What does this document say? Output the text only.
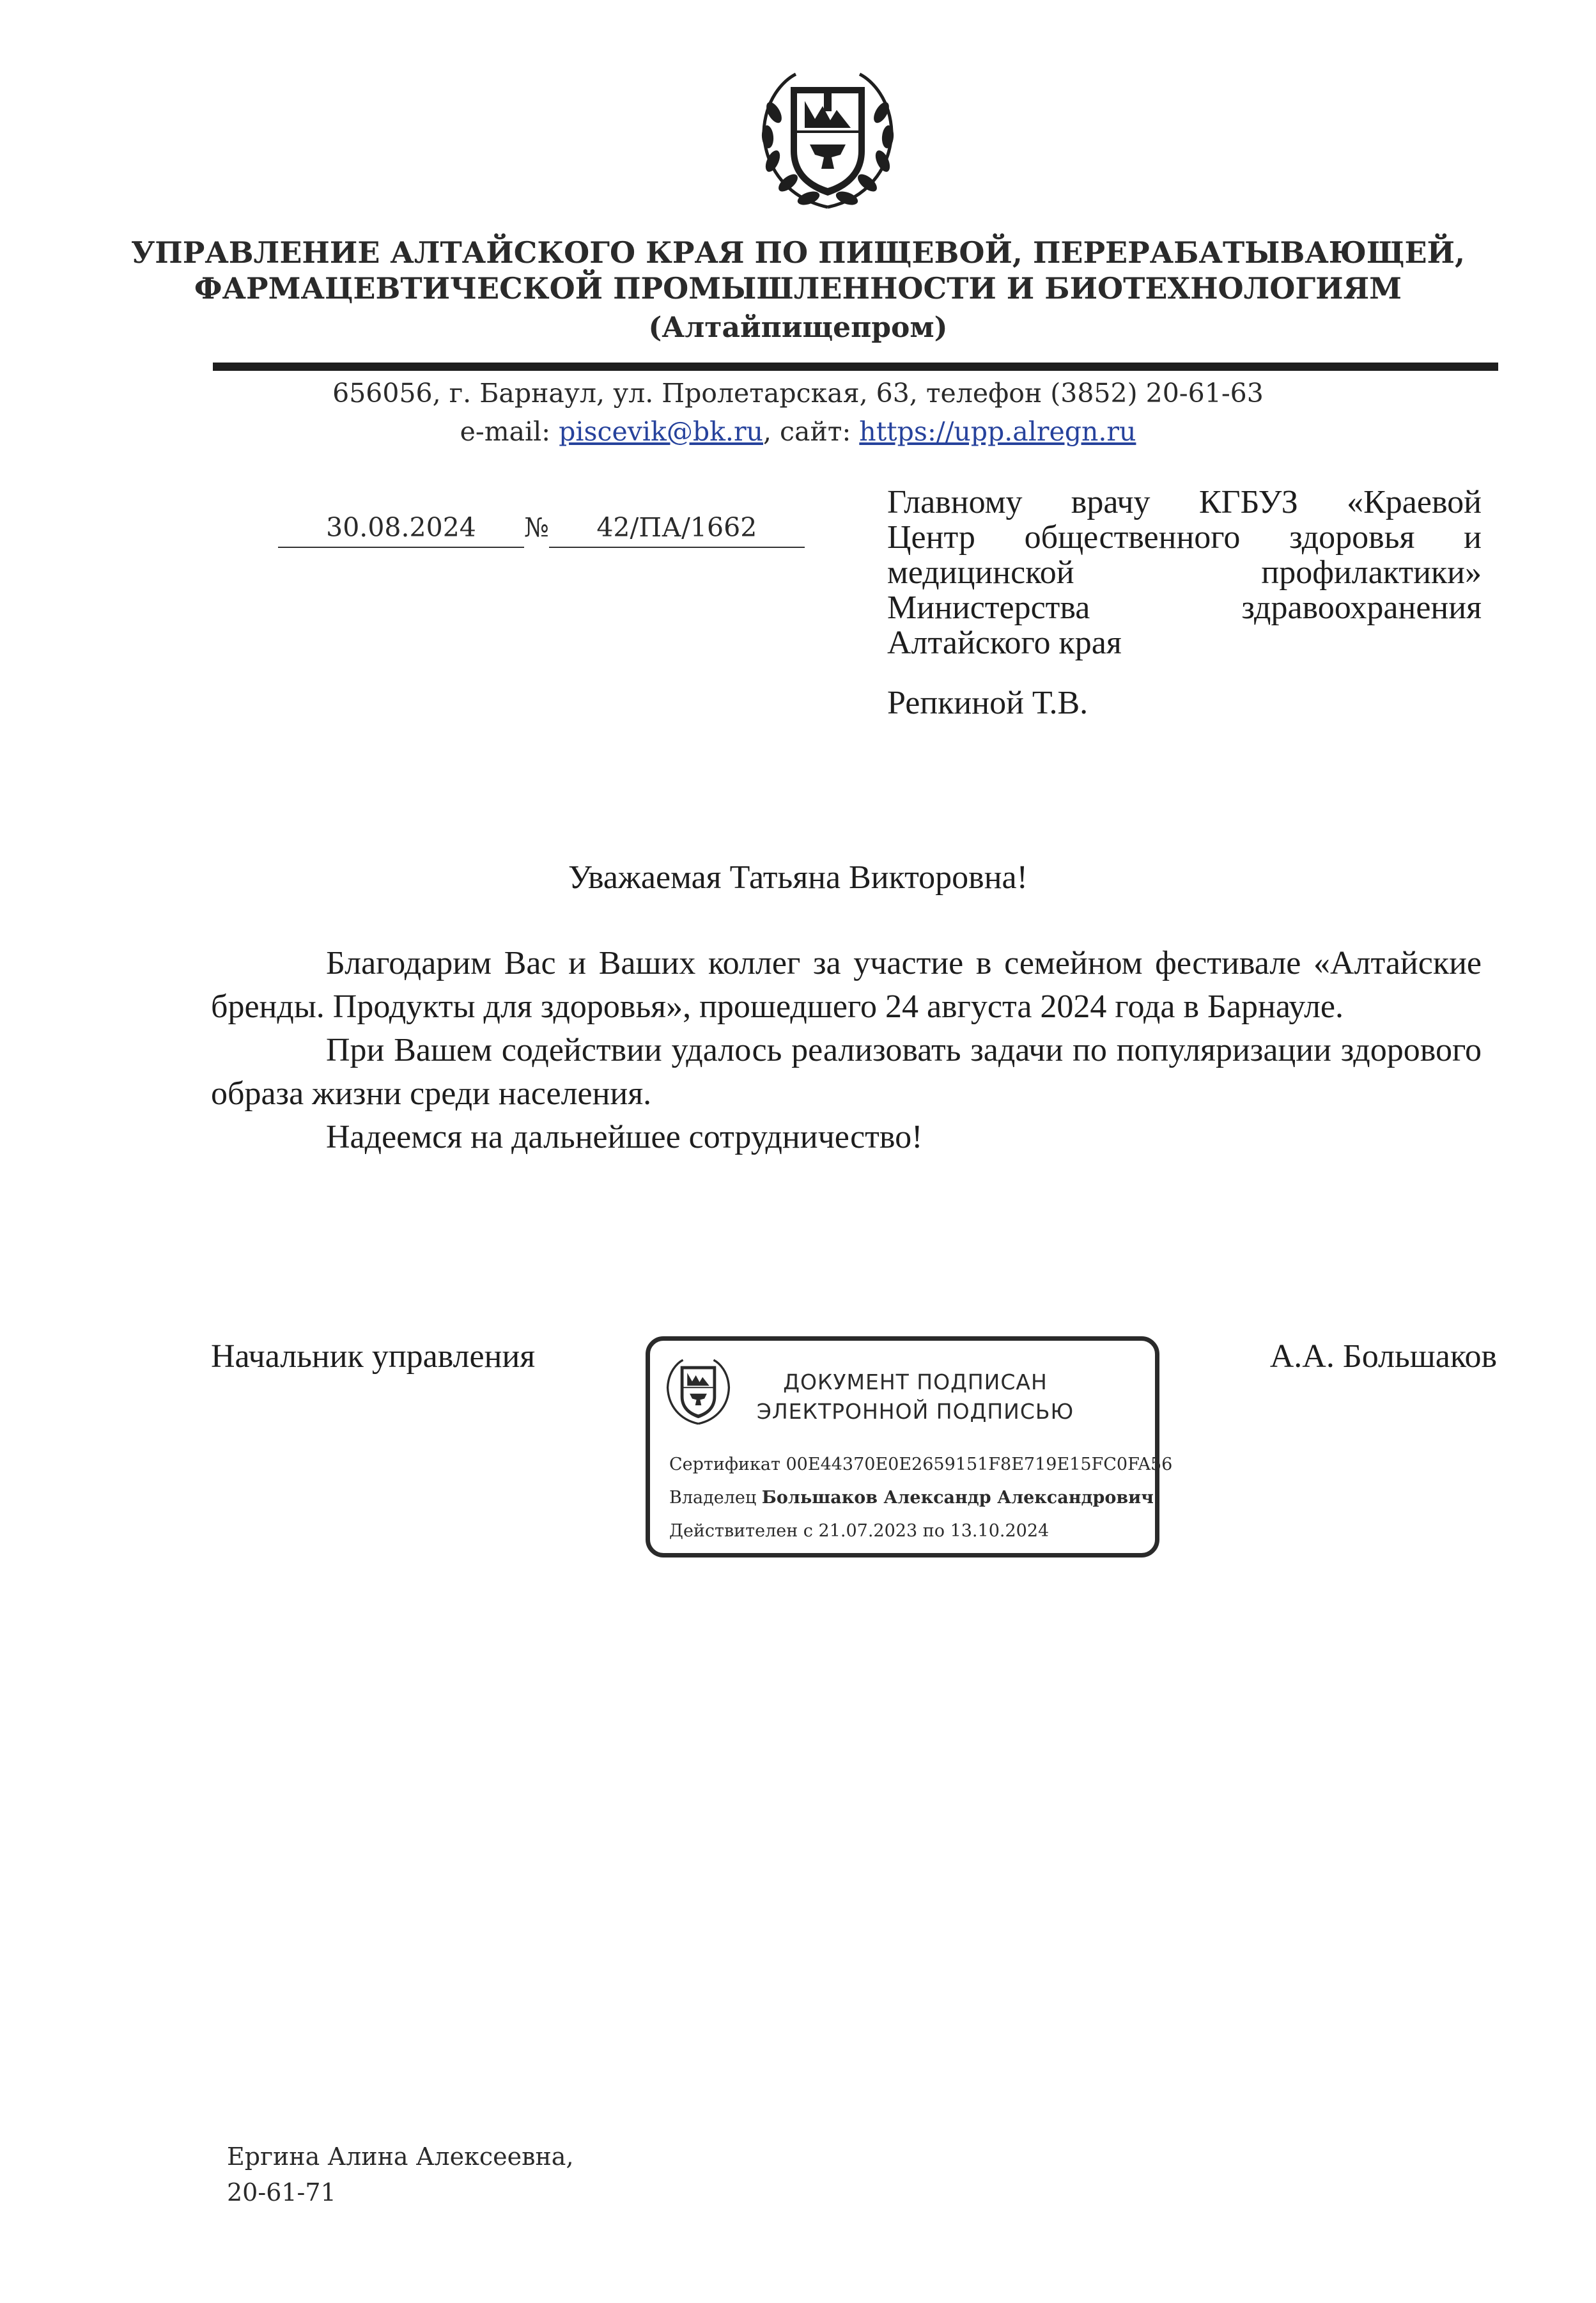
УПРАВЛЕНИЕ АЛТАЙСКОГО КРАЯ ПО ПИЩЕВОЙ, ПЕРЕРАБАТЫВАЮЩЕЙ,
ФАРМАЦЕВТИЧЕСКОЙ ПРОМЫШЛЕННОСТИ И БИОТЕХНОЛОГИЯМ
(Алтайпищепром)
656056, г. Барнаул, ул. Пролетарская, 63, телефон (3852) 20-61-63
e-mail: piscevik@bk.ru, сайт: https://upp.alregn.ru
30.08.2024 № 42/ПА/1662
Главному врачу КГБУЗ «Краевой
Центр общественного здоровья и
медицинской профилактики»
Министерства здравоохранения
Алтайского края
Репкиной Т.В.
Уважаемая Татьяна Викторовна!

Благодарим Вас и Ваших коллег за участие в семейном фестивале «Алтайские бренды. Продукты для здоровья», прошедшего 24 августа 2024 года в Барнауле.

При Вашем содействии удалось реализовать задачи по популяризации здорового образа жизни среди населения.

Надеемся на дальнейшее сотрудничество!

Начальник управления	А.А. Большаков
ДОКУМЕНТ ПОДПИСАН
ЭЛЕКТРОННОЙ ПОДПИСЬЮ
Сертификат 00E44370E0E2659151F8E719E15FC0FA56
Владелец Большаков Александр Александрович
Действителен с 21.07.2023 по 13.10.2024
Ергина Алина Алексеевна,
20-61-71
